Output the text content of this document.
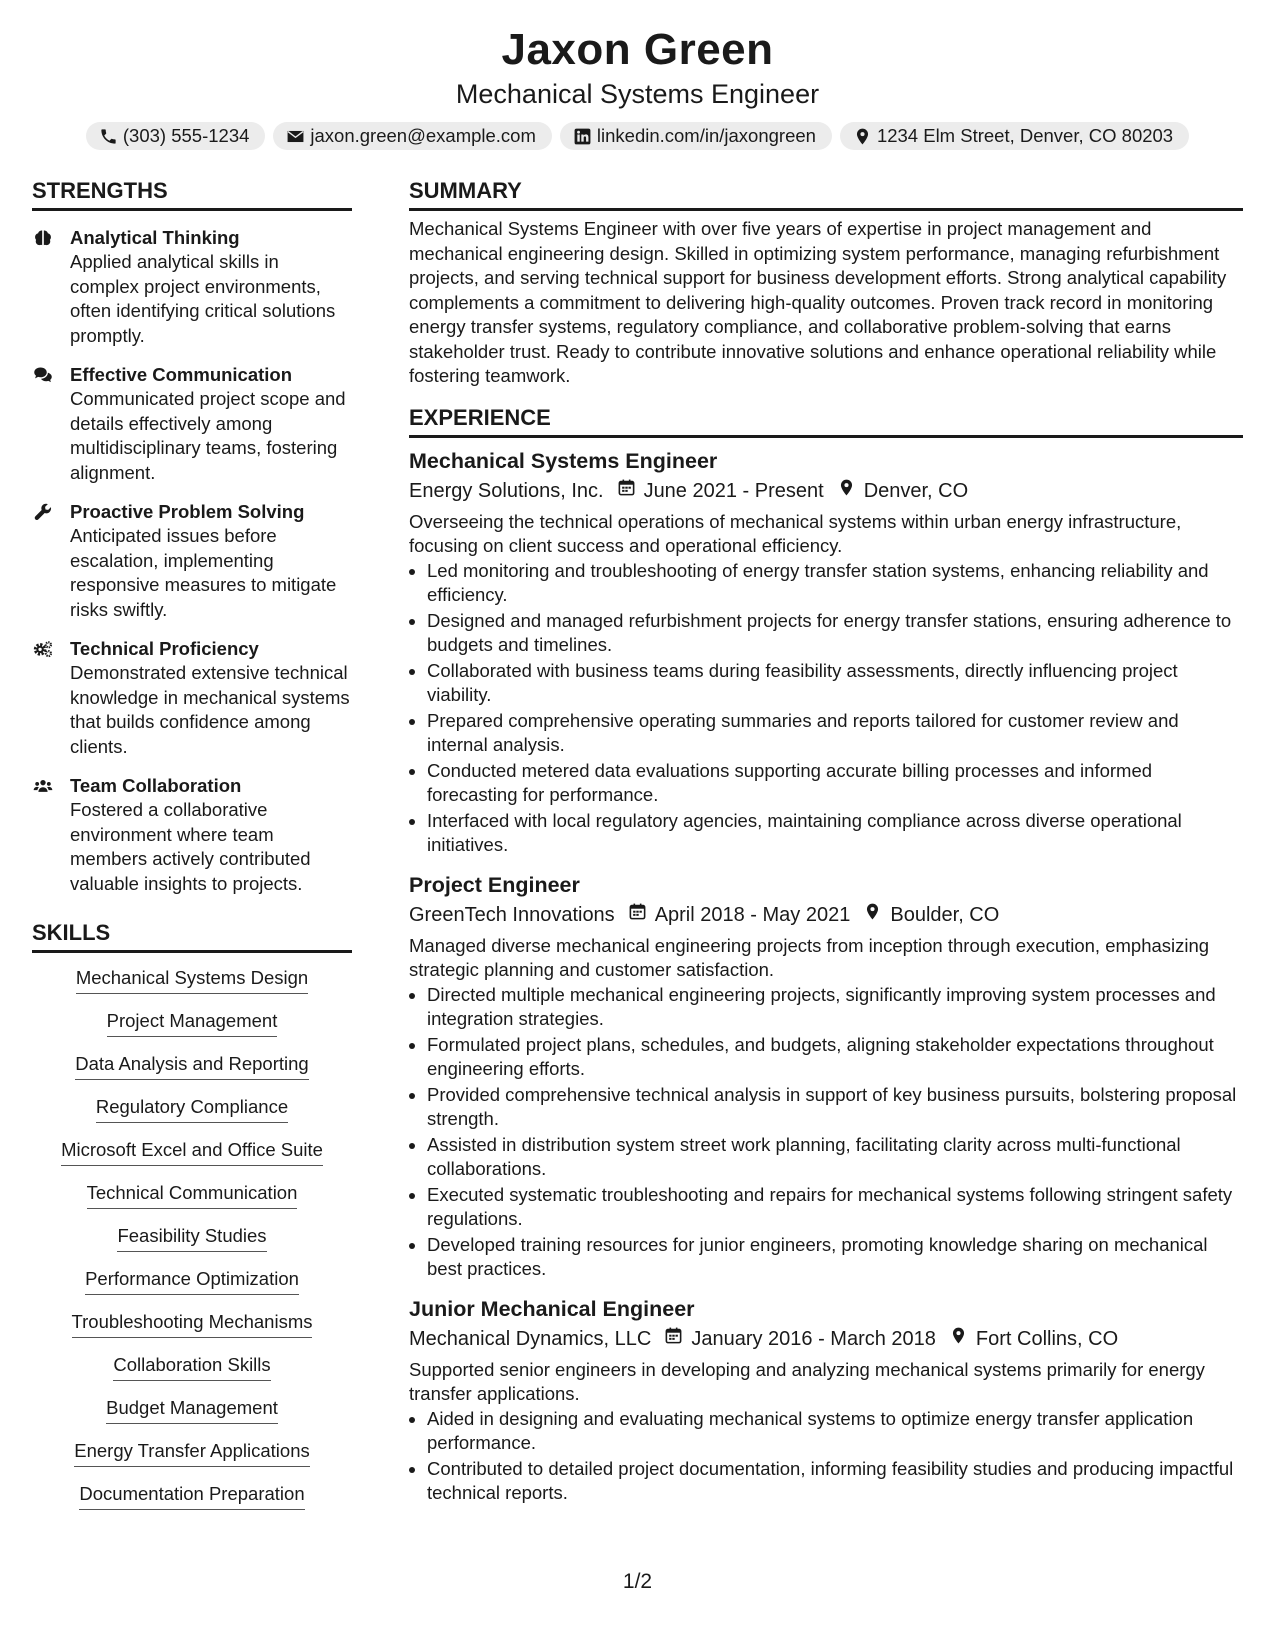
Jaxon Green
Mechanical Systems Engineer
(303) 555-1234	jaxon.green@example.com	linkedin.com/in/jaxongreen	1234 Elm Street, Denver, CO 80203
STRENGTHS
Analytical Thinking
Applied analytical skills in complex project environments, often identifying critical solutions promptly.
Effective Communication
Communicated project scope and details effectively among multidisciplinary teams, fostering alignment.
Proactive Problem Solving
Anticipated issues before escalation, implementing responsive measures to mitigate risks swiftly.
Technical Proficiency
Demonstrated extensive technical knowledge in mechanical systems that builds confidence among clients.
Team Collaboration
Fostered a collaborative environment where team members actively contributed valuable insights to projects.
SKILLS
Mechanical Systems Design
Project Management
Data Analysis and Reporting
Regulatory Compliance
Microsoft Excel and Office Suite
Technical Communication
Feasibility Studies
Performance Optimization
Troubleshooting Mechanisms
Collaboration Skills
Budget Management
Energy Transfer Applications
Documentation Preparation
SUMMARY
Mechanical Systems Engineer with over five years of expertise in project management and mechanical engineering design. Skilled in optimizing system performance, managing refurbishment projects, and serving technical support for business development efforts. Strong analytical capability complements a commitment to delivering high-quality outcomes. Proven track record in monitoring energy transfer systems, regulatory compliance, and collaborative problem-solving that earns stakeholder trust. Ready to contribute innovative solutions and enhance operational reliability while fostering teamwork.
EXPERIENCE
Mechanical Systems Engineer
Energy Solutions, Inc. June 2021 - Present Denver, CO
Overseeing the technical operations of mechanical systems within urban energy infrastructure, focusing on client success and operational efficiency.
• Led monitoring and troubleshooting of energy transfer station systems, enhancing reliability and efficiency.
• Designed and managed refurbishment projects for energy transfer stations, ensuring adherence to budgets and timelines.
• Collaborated with business teams during feasibility assessments, directly influencing project viability.
• Prepared comprehensive operating summaries and reports tailored for customer review and internal analysis.
• Conducted metered data evaluations supporting accurate billing processes and informed forecasting for performance.
• Interfaced with local regulatory agencies, maintaining compliance across diverse operational initiatives.
Project Engineer
GreenTech Innovations April 2018 - May 2021 Boulder, CO
Managed diverse mechanical engineering projects from inception through execution, emphasizing strategic planning and customer satisfaction.
• Directed multiple mechanical engineering projects, significantly improving system processes and integration strategies.
• Formulated project plans, schedules, and budgets, aligning stakeholder expectations throughout engineering efforts.
• Provided comprehensive technical analysis in support of key business pursuits, bolstering proposal strength.
• Assisted in distribution system street work planning, facilitating clarity across multi-functional collaborations.
• Executed systematic troubleshooting and repairs for mechanical systems following stringent safety regulations.
• Developed training resources for junior engineers, promoting knowledge sharing on mechanical best practices.
Junior Mechanical Engineer
Mechanical Dynamics, LLC January 2016 - March 2018 Fort Collins, CO
Supported senior engineers in developing and analyzing mechanical systems primarily for energy transfer applications.
• Aided in designing and evaluating mechanical systems to optimize energy transfer application performance.
• Contributed to detailed project documentation, informing feasibility studies and producing impactful technical reports.
1/2
